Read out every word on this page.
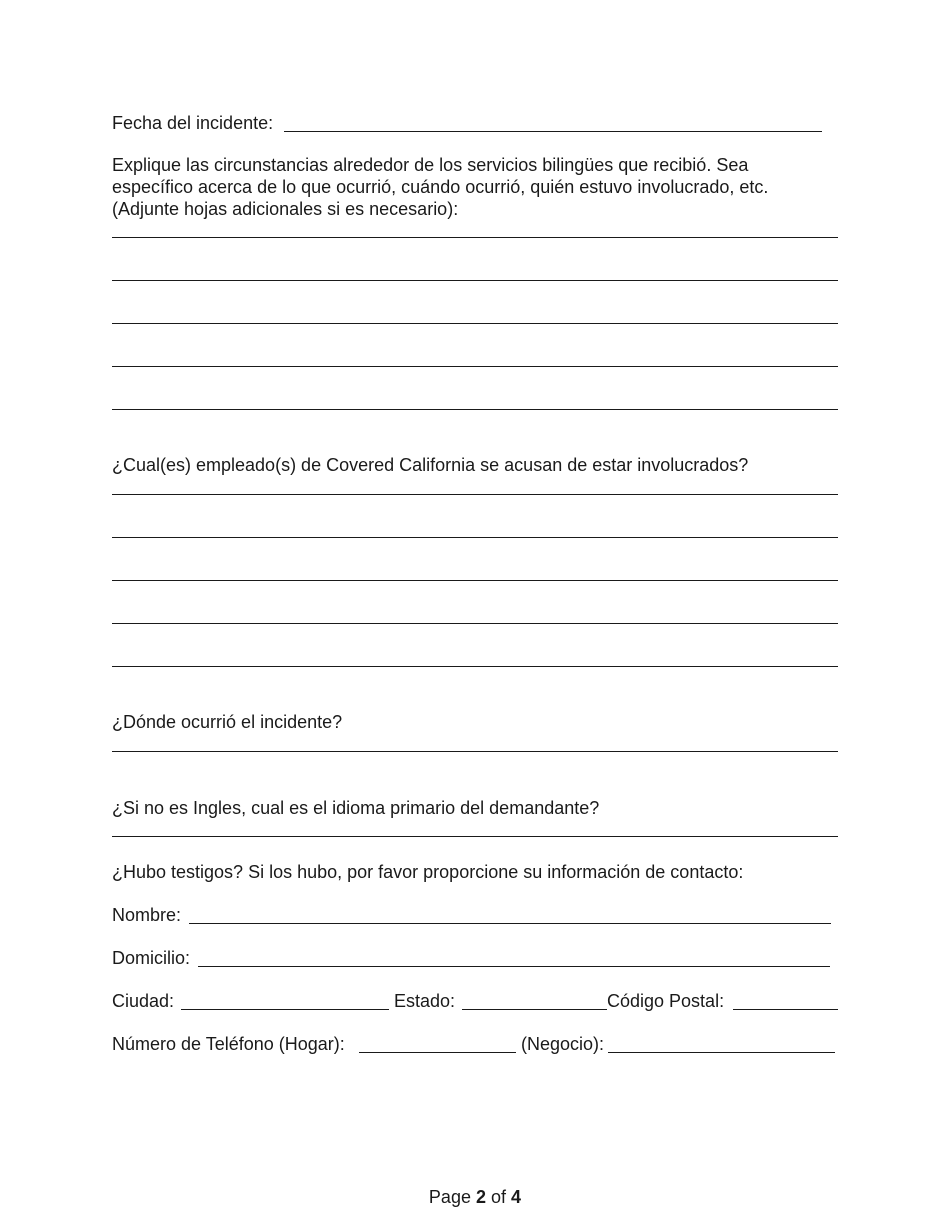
Fecha del incidente:
Explique las circunstancias alrededor de los servicios bilingües que recibió. Sea específico acerca de lo que ocurrió, cuándo ocurrió, quién estuvo involucrado, etc. (Adjunte hojas adicionales si es necesario):
¿Cual(es) empleado(s) de Covered California se acusan de estar involucrados?
¿Dónde ocurrió el incidente?
¿Si no es Ingles, cual es el idioma primario del demandante?
¿Hubo testigos? Si los hubo, por favor proporcione su información de contacto:
Nombre:
Domicilio:
Ciudad:	Estado:	Código Postal:
Número de Teléfono (Hogar):	(Negocio):
Page 2 of 4
